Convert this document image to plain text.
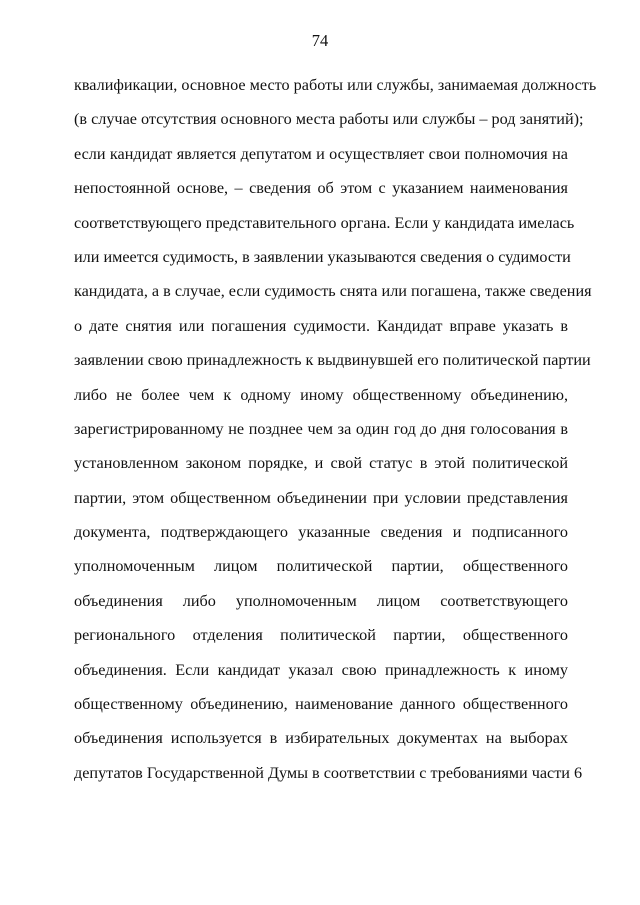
74
квалификации, основное место работы или службы, занимаемая должность
(в случае отсутствия основного места работы или службы – род занятий);
если кандидат является депутатом и осуществляет свои полномочия на
непостоянной основе, – сведения об этом с указанием наименования
соответствующего представительного органа. Если у кандидата имелась
или имеется судимость, в заявлении указываются сведения о судимости
кандидата, а в случае, если судимость снята или погашена, также сведения
о дате снятия или погашения судимости. Кандидат вправе указать в
заявлении свою принадлежность к выдвинувшей его политической партии
либо не более чем к одному иному общественному объединению,
зарегистрированному не позднее чем за один год до дня голосования в
установленном законом порядке, и свой статус в этой политической
партии, этом общественном объединении при условии представления
документа, подтверждающего указанные сведения и подписанного
уполномоченным лицом политической партии, общественного
объединения либо уполномоченным лицом соответствующего
регионального отделения политической партии, общественного
объединения. Если кандидат указал свою принадлежность к иному
общественному объединению, наименование данного общественного
объединения используется в избирательных документах на выборах
депутатов Государственной Думы в соответствии с требованиями части 6
